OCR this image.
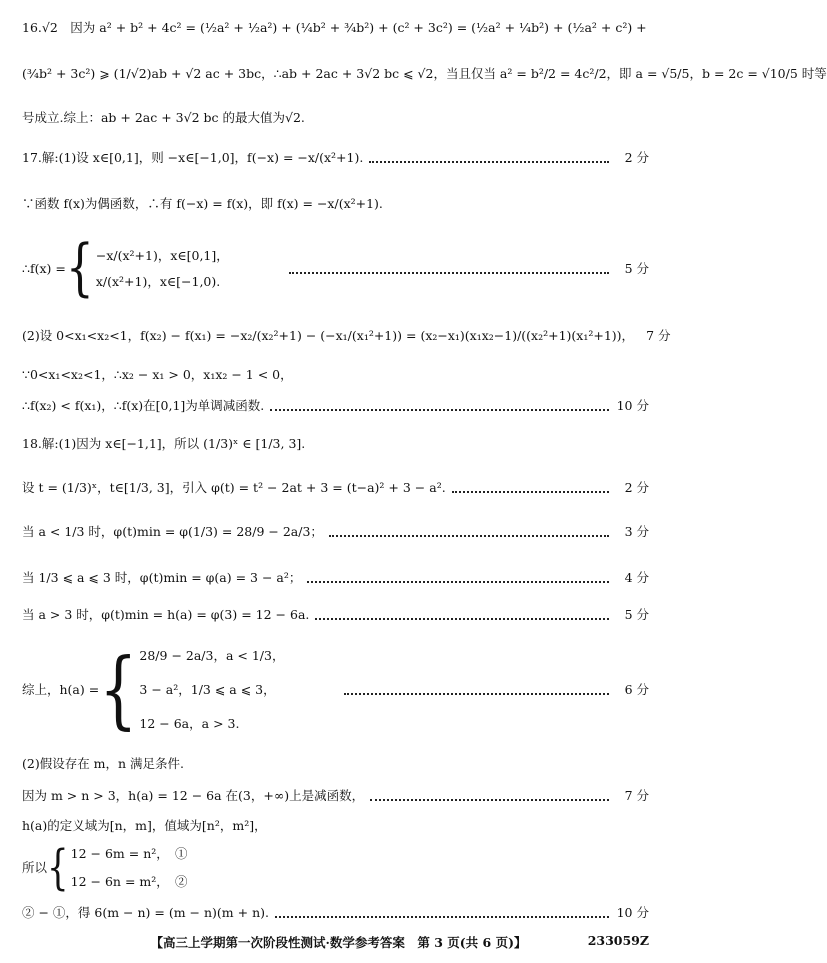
16.√2　因为 a² + b² + 4c² = (½a² + ½a²) + (¼b² + ¾b²) + (c² + 3c²) = (½a² + ¼b²) + (½a² + c²) +
(¾b² + 3c²) ⩾ (1/√2)ab + √2 ac + 3bc，∴ab + 2ac + 3√2 bc ⩽ √2，当且仅当 a² = b²/2 = 4c²/2，即 a = √5/5，b = 2c = √10/5 时等
号成立.综上：ab + 2ac + 3√2 bc 的最大值为√2.
17.解:(1)设 x∈[0,1]，则 −x∈[−1,0]，f(−x) = −x/(x²+1).	2 分
∵函数 f(x)为偶函数，∴有 f(−x) = f(x)，即 f(x) = −x/(x²+1).
∴f(x) = { −x/(x²+1)，x∈[0,1]，
x/(x²+1)，x∈[−1,0).
5 分
(2)设 0<x₁<x₂<1，f(x₂) − f(x₁) = −x₂/(x₂²+1) − (−x₁/(x₁²+1)) = (x₂−x₁)(x₁x₂−1)/((x₂²+1)(x₁²+1))， 7 分
∵0<x₁<x₂<1，∴x₂ − x₁ > 0，x₁x₂ − 1 < 0，
∴f(x₂) < f(x₁)，∴f(x)在[0,1]为单调减函数.	10 分
18.解:(1)因为 x∈[−1,1]，所以 (1/3)ˣ ∈ [1/3, 3].
设 t = (1/3)ˣ，t∈[1/3, 3]，引入 φ(t) = t² − 2at + 3 = (t−a)² + 3 − a².	2 分
当 a < 1/3 时，φ(t)min = φ(1/3) = 28/9 − 2a/3；	3 分
当 1/3 ⩽ a ⩽ 3 时，φ(t)min = φ(a) = 3 − a²；	4 分
当 a > 3 时，φ(t)min = h(a) = φ(3) = 12 − 6a.	5 分
综上，h(a) = { 28/9 − 2a/3，a < 1/3，
3 − a²，1/3 ⩽ a ⩽ 3，
12 − 6a，a > 3.
6 分
(2)假设存在 m，n 满足条件.
因为 m > n > 3，h(a) = 12 − 6a 在(3，+∞)上是减函数，	7 分
h(a)的定义域为[n，m]，值域为[n²，m²]，
所以 { 12 − 6m = n²，　①
12 − 6n = m²，　②
② − ①，得 6(m − n) = (m − n)(m + n).	10 分
【高三上学期第一次阶段性测试·数学参考答案　第 3 页(共 6 页)】	233059Z
